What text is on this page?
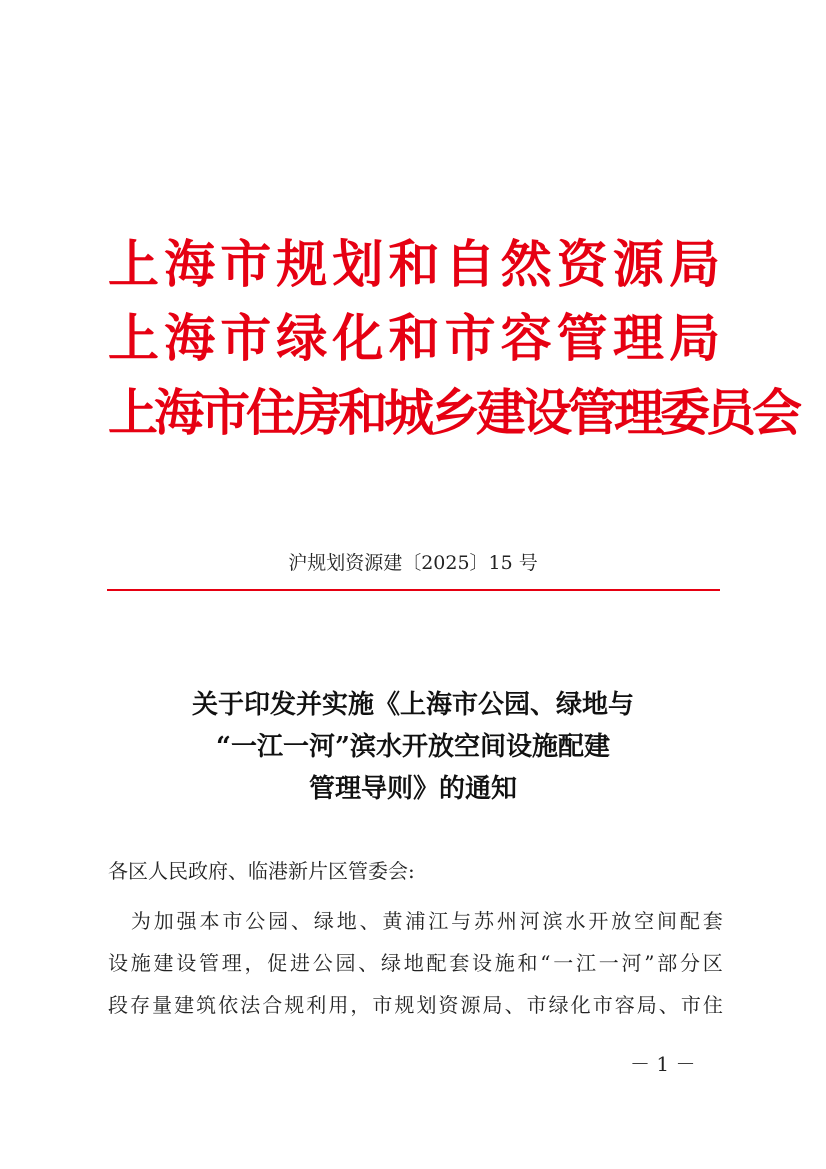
上 海 市 规 划 和 自 然 资 源 局
上 海 市 绿 化 和 市 容 管 理 局
上 海 市 住 房 和 城 乡 建 设 管 理 委 员 会
沪规划资源建〔2025〕15 号
关于印发并实施《上海市公园、绿地与
“一江一河”滨水开放空间设施配建
管理导则》的通知
各区人民政府、临港新片区管委会:

为 加 强 本 市 公 园 、 绿 地 、 黄 浦 江 与 苏 州 河 滨 水 开 放 空 间 配 套
设 施 建 设 管 理 ， 促 进 公 园 、 绿 地 配 套 设 施 和 “ 一 江 一 河 ” 部 分 区
段 存 量 建 筑 依 法 合 规 利 用 ， 市 规 划 资 源 局 、 市 绿 化 市 容 局 、 市 住
－ 1 －
